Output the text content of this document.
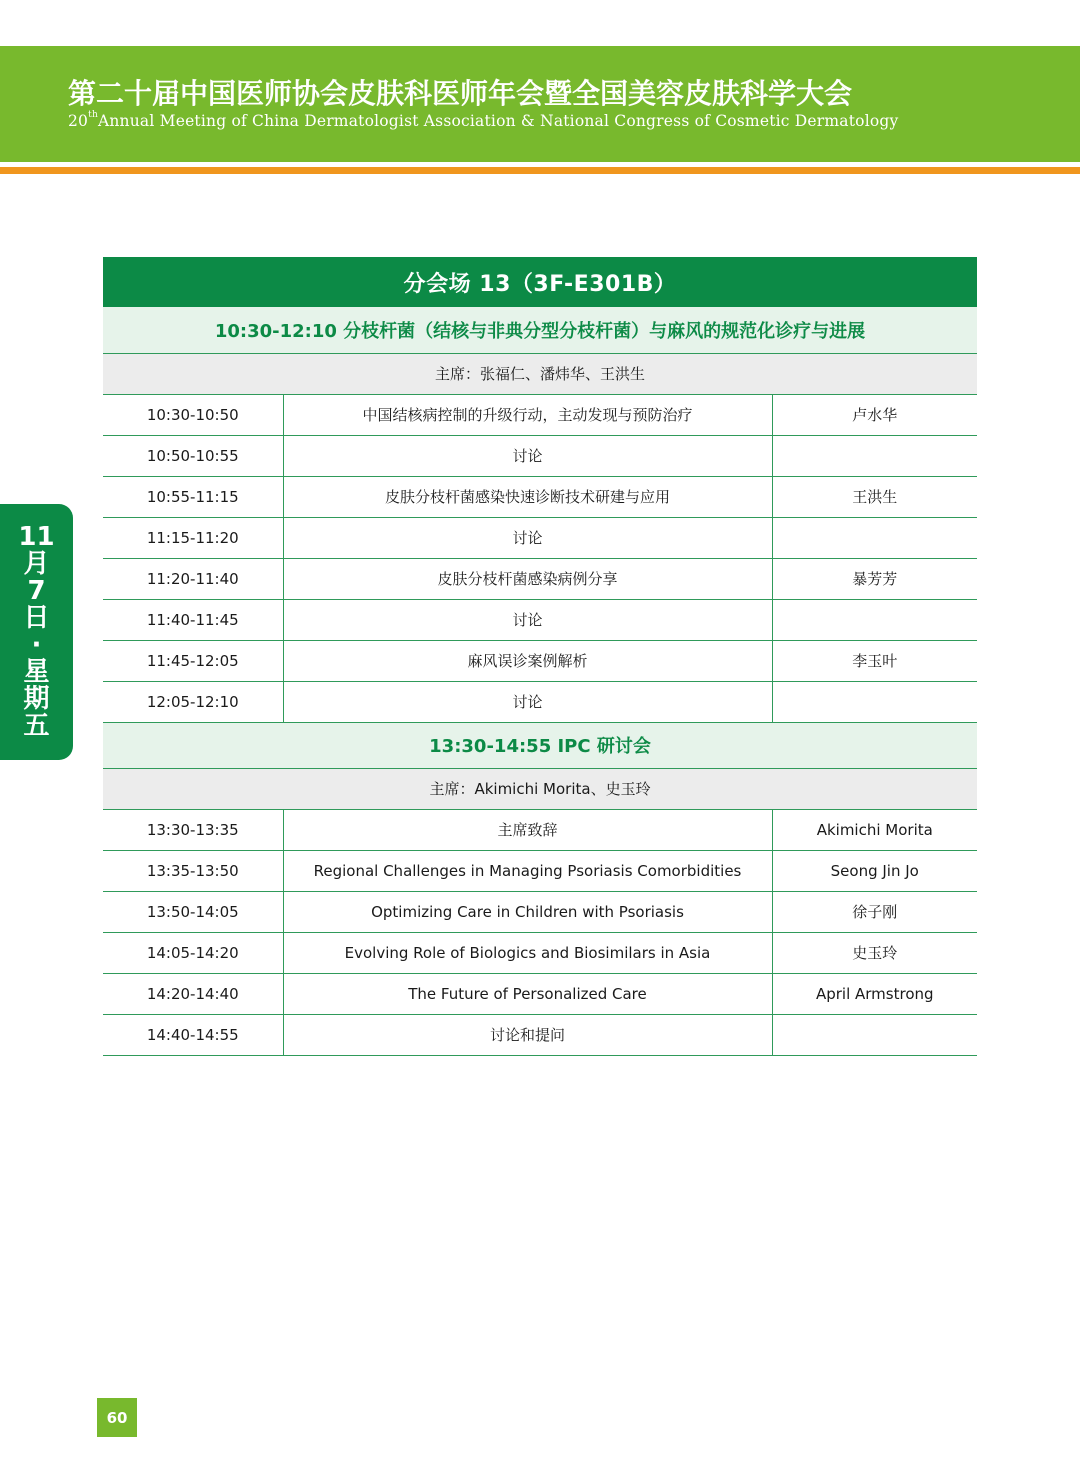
第二十届中国医师协会皮肤科医师年会暨全国美容皮肤科学大会
20thAnnual Meeting of China Dermatologist Association & National Congress of Cosmetic Dermatology
11
月
7
日
·
星
期
五
分会场 13（3F-E301B）		
10:30-12:10 分枝杆菌（结核与非典分型分枝杆菌）与麻风的规范化诊疗与进展		
主席：张福仁、潘炜华、王洪生		
10:30-10:50	中国结核病控制的升级行动，主动发现与预防治疗	卢水华
10:50-10:55	讨论	
10:55-11:15	皮肤分枝杆菌感染快速诊断技术研建与应用	王洪生
11:15-11:20	讨论	
11:20-11:40	皮肤分枝杆菌感染病例分享	暴芳芳
11:40-11:45	讨论	
11:45-12:05	麻风误诊案例解析	李玉叶
12:05-12:10	讨论	
13:30-14:55 IPC 研讨会		
主席：Akimichi Morita、史玉玲		
13:30-13:35	主席致辞	Akimichi Morita
13:35-13:50	Regional Challenges in Managing Psoriasis Comorbidities	Seong Jin Jo
13:50-14:05	Optimizing Care in Children with Psoriasis	徐子刚
14:05-14:20	Evolving Role of Biologics and Biosimilars in Asia	史玉玲
14:20-14:40	The Future of Personalized Care	April Armstrong
14:40-14:55	讨论和提问	
60
